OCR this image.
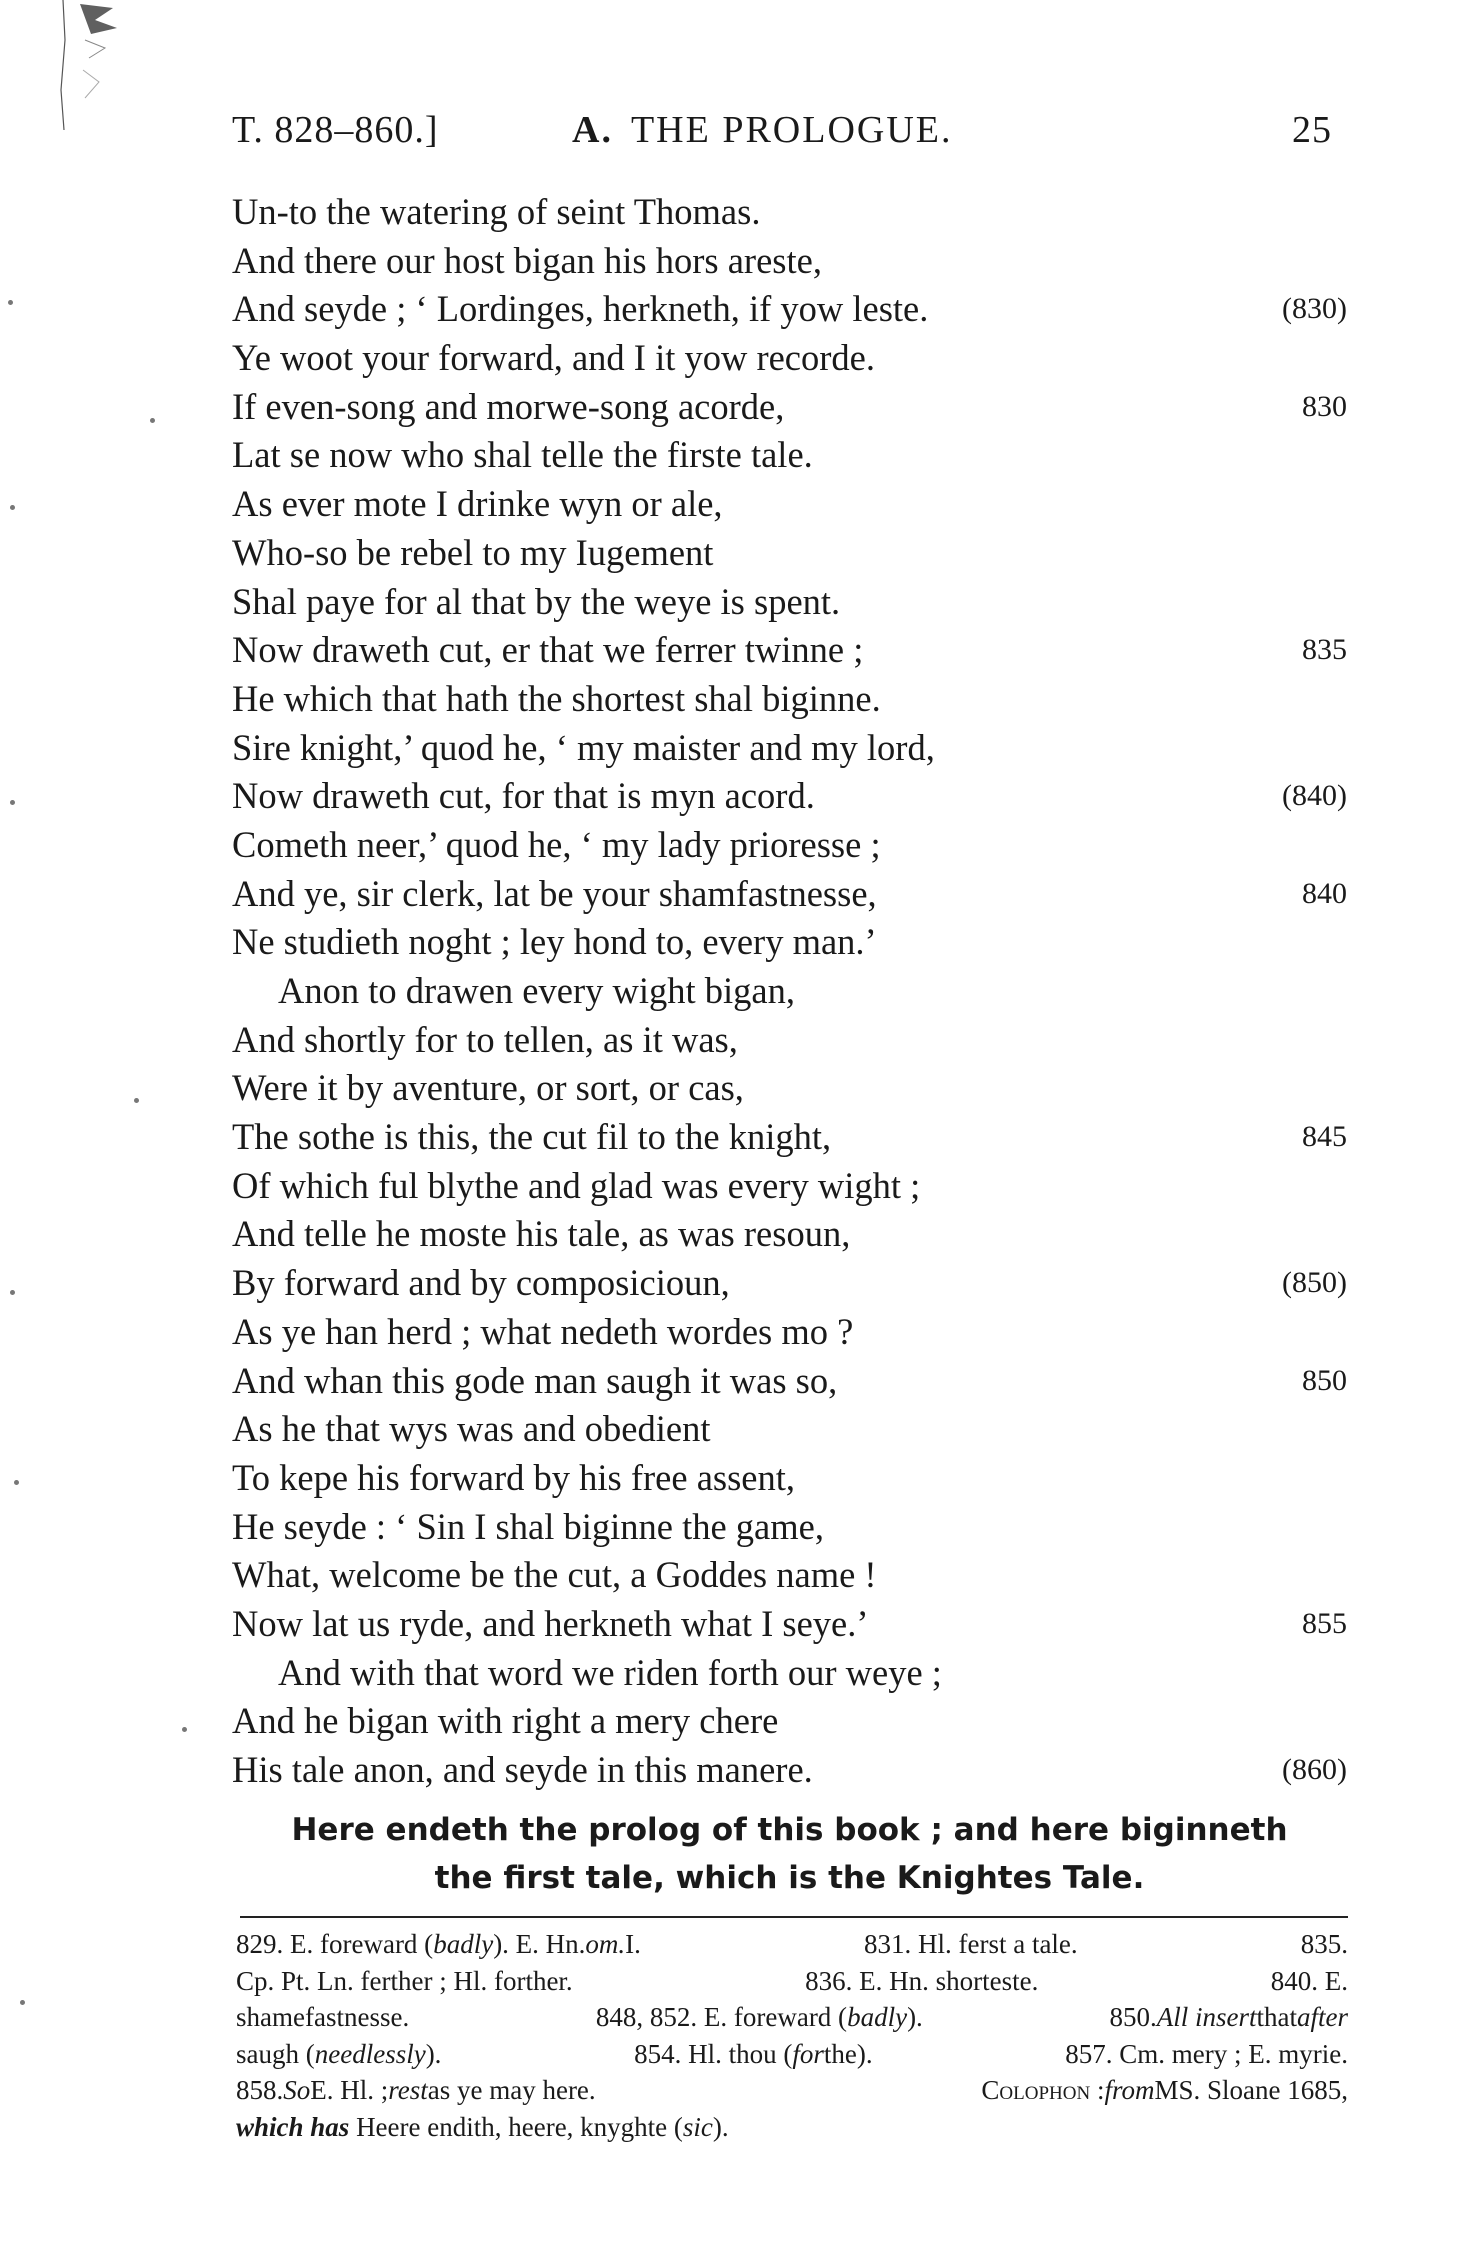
T. 828–860.]	A. THE PROLOGUE.	25
Un-to the watering of seint Thomas.
And there our host bigan his hors areste,
And seyde ; ‘ Lordinges, herkneth, if yow leste.	(830)
Ye woot your forward, and I it yow recorde.
If even-song and morwe-song acorde,	830
Lat se now who shal telle the firste tale.
As ever mote I drinke wyn or ale,
Who-so be rebel to my Iugement
Shal paye for al that by the weye is spent.
Now draweth cut, er that we ferrer twinne ;	835
He which that hath the shortest shal biginne.
Sire knight,’ quod he, ‘ my maister and my lord,
Now draweth cut, for that is myn acord.	(840)
Cometh neer,’ quod he, ‘ my lady prioresse ;
And ye, sir clerk, lat be your shamfastnesse,	840
Ne studieth noght ; ley hond to, every man.’
Anon to drawen every wight bigan,
And shortly for to tellen, as it was,
Were it by aventure, or sort, or cas,
The sothe is this, the cut fil to the knight,	845
Of which ful blythe and glad was every wight ;
And telle he moste his tale, as was resoun,
By forward and by composicioun,	(850)
As ye han herd ; what nedeth wordes mo ?
And whan this gode man saugh it was so,	850
As he that wys was and obedient
To kepe his forward by his free assent,
He seyde : ‘ Sin I shal biginne the game,
What, welcome be the cut, a Goddes name !
Now lat us ryde, and herkneth what I seye.’	855
And with that word we riden forth our weye ;
And he bigan with right a mery chere
His tale anon, and seyde in this manere.	(860)
Here endeth the prolog of this book ; and here biginneth
the first tale, which is the Knightes Tale.
829. E. foreward (badly). E. Hn.om.I.	831. Hl. ferst a tale.	835.
Cp. Pt. Ln. ferther ; Hl. forther.	836. E. Hn. shorteste.	840. E.
shamefastnesse.	848, 852. E. foreward (badly).	850.All insertthatafter
saugh (needlessly).	854. Hl. thou (forthe).	857. Cm. mery ; E. myrie.
858.SoE. Hl. ;restas ye may here.	Colophon :fromMS. Sloane 1685,
which has Heere endith, heere, knyghte (sic).
